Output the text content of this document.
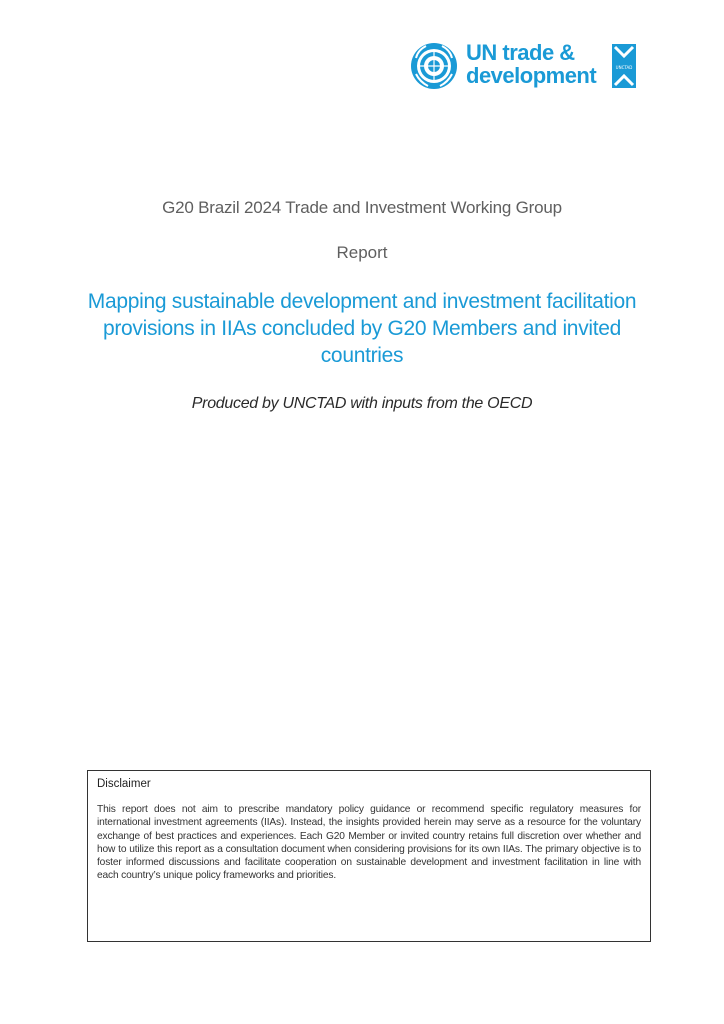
UN trade &
development	UNCTAD
G20 Brazil 2024 Trade and Investment Working Group
Report
Mapping sustainable development and investment facilitation provisions in IIAs concluded by G20 Members and invited countries
Produced by UNCTAD with inputs from the OECD

Disclaimer

This report does not aim to prescribe mandatory policy guidance or recommend specific regulatory measures for international investment agreements (IIAs). Instead, the insights provided herein may serve as a resource for the voluntary exchange of best practices and experiences. Each G20 Member or invited country retains full discretion over whether and how to utilize this report as a consultation document when considering provisions for its own IIAs. The primary objective is to foster informed discussions and facilitate cooperation on sustainable development and investment facilitation in line with each country’s unique policy frameworks and priorities.
